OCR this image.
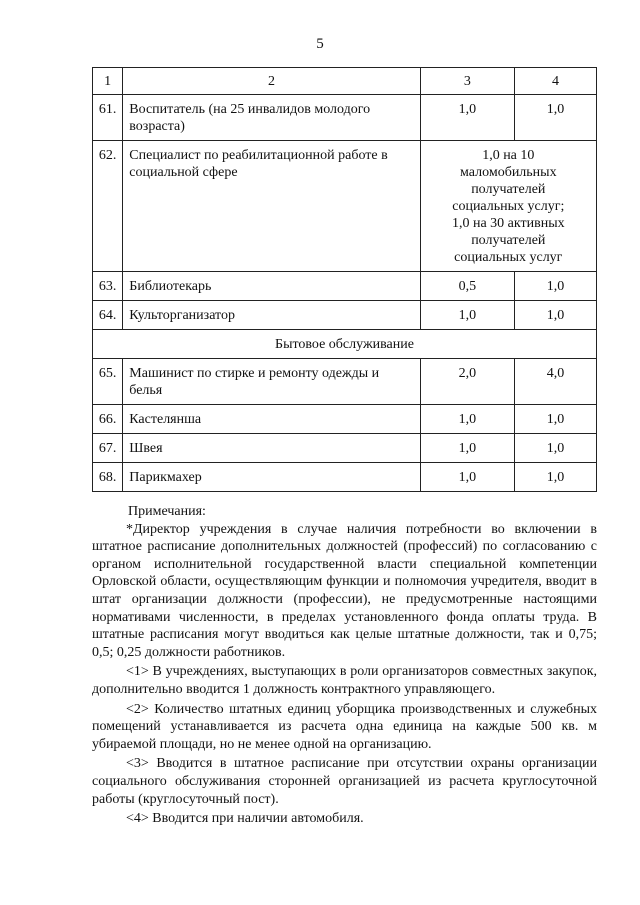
5
1	2	3	4
61.	Воспитатель (на 25 инвалидов молодого возраста)	1,0	1,0
62.	Специалист по реабилитационной работе в социальной сфере	1,0 на 10 маломобильных получателей социальных услуг;
1,0 на 30 активных получателей социальных услуг	

63.	Библиотекарь	0,5	1,0
64.	Культорганизатор	1,0	1,0
Бытовое обслуживание			
65.	Машинист по стирке и ремонту одежды и белья	2,0	4,0
66.	Кастелянша	1,0	1,0
67.	Швея	1,0	1,0
68.	Парикмахер	1,0	1,0

Примечания:

*Директор учреждения в случае наличия потребности во включении в штатное расписание дополнительных должностей (профессий) по согласованию с органом исполнительной государственной власти специальной компетенции Орловской области, осуществляющим функции и полномочия учредителя, вводит в штат организации должности (профессии), не предусмотренные настоящими нормативами численности, в пределах установленного фонда оплаты труда. В штатные расписания могут вводиться как целые штатные должности, так и 0,75; 0,5; 0,25 должности работников.

<1> В учреждениях, выступающих в роли организаторов совместных закупок, дополнительно вводится 1 должность контрактного управляющего.

<2> Количество штатных единиц уборщика производственных и служебных помещений устанавливается из расчета одна единица на каждые 500 кв. м убираемой площади, но не менее одной на организацию.

<3> Вводится в штатное расписание при отсутствии охраны организации социального обслуживания сторонней организацией из расчета круглосуточной работы (круглосуточный пост).

<4> Вводится при наличии автомобиля.
